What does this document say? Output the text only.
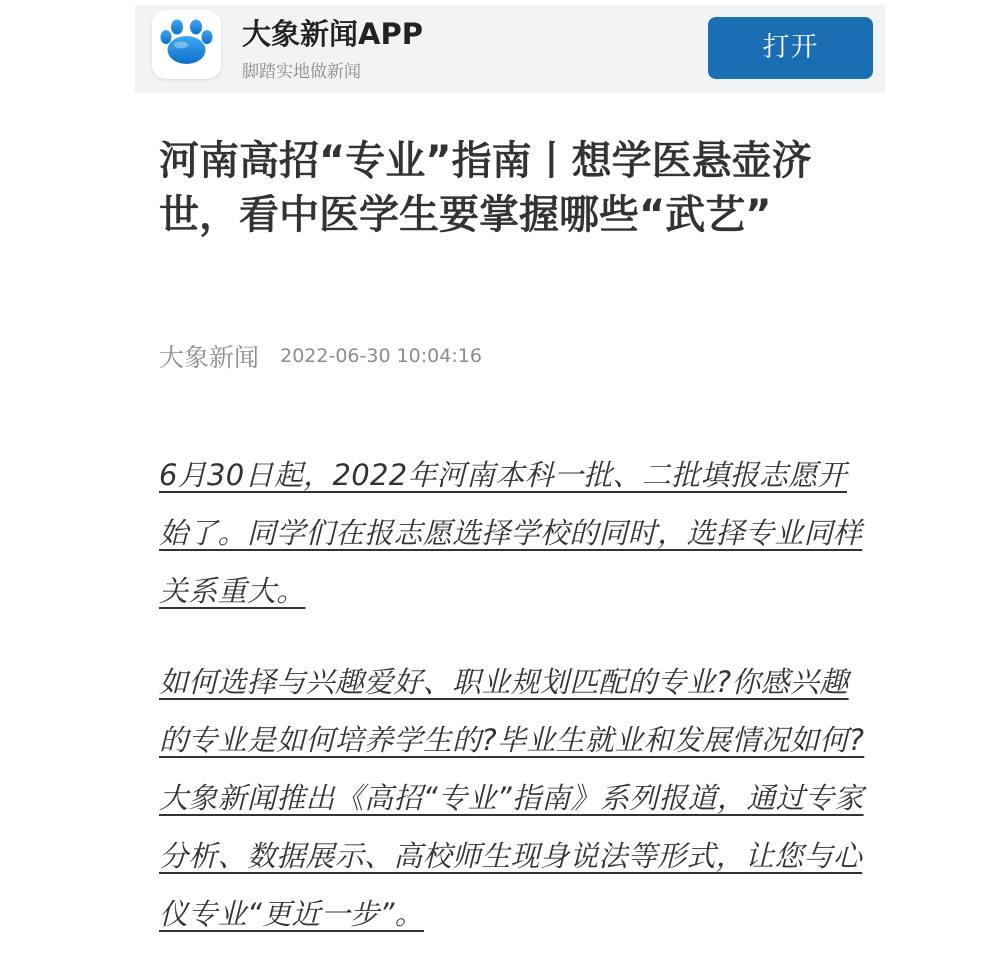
大象新闻APP
脚踏实地做新闻
打开
河南高招“专业”指南丨想学医悬壶济世，看中医学生要掌握哪些“武艺”
大象新闻 2022-06-30 10:04:16

6月30日起，2022年河南本科一批、二批填报志愿开始了。同学们在报志愿选择学校的同时，选择专业同样关系重大。

如何选择与兴趣爱好、职业规划匹配的专业?你感兴趣的专业是如何培养学生的?毕业生就业和发展情况如何?大象新闻推出《高招“专业”指南》系列报道，通过专家分析、数据展示、高校师生现身说法等形式，让您与心仪专业“更近一步”。
